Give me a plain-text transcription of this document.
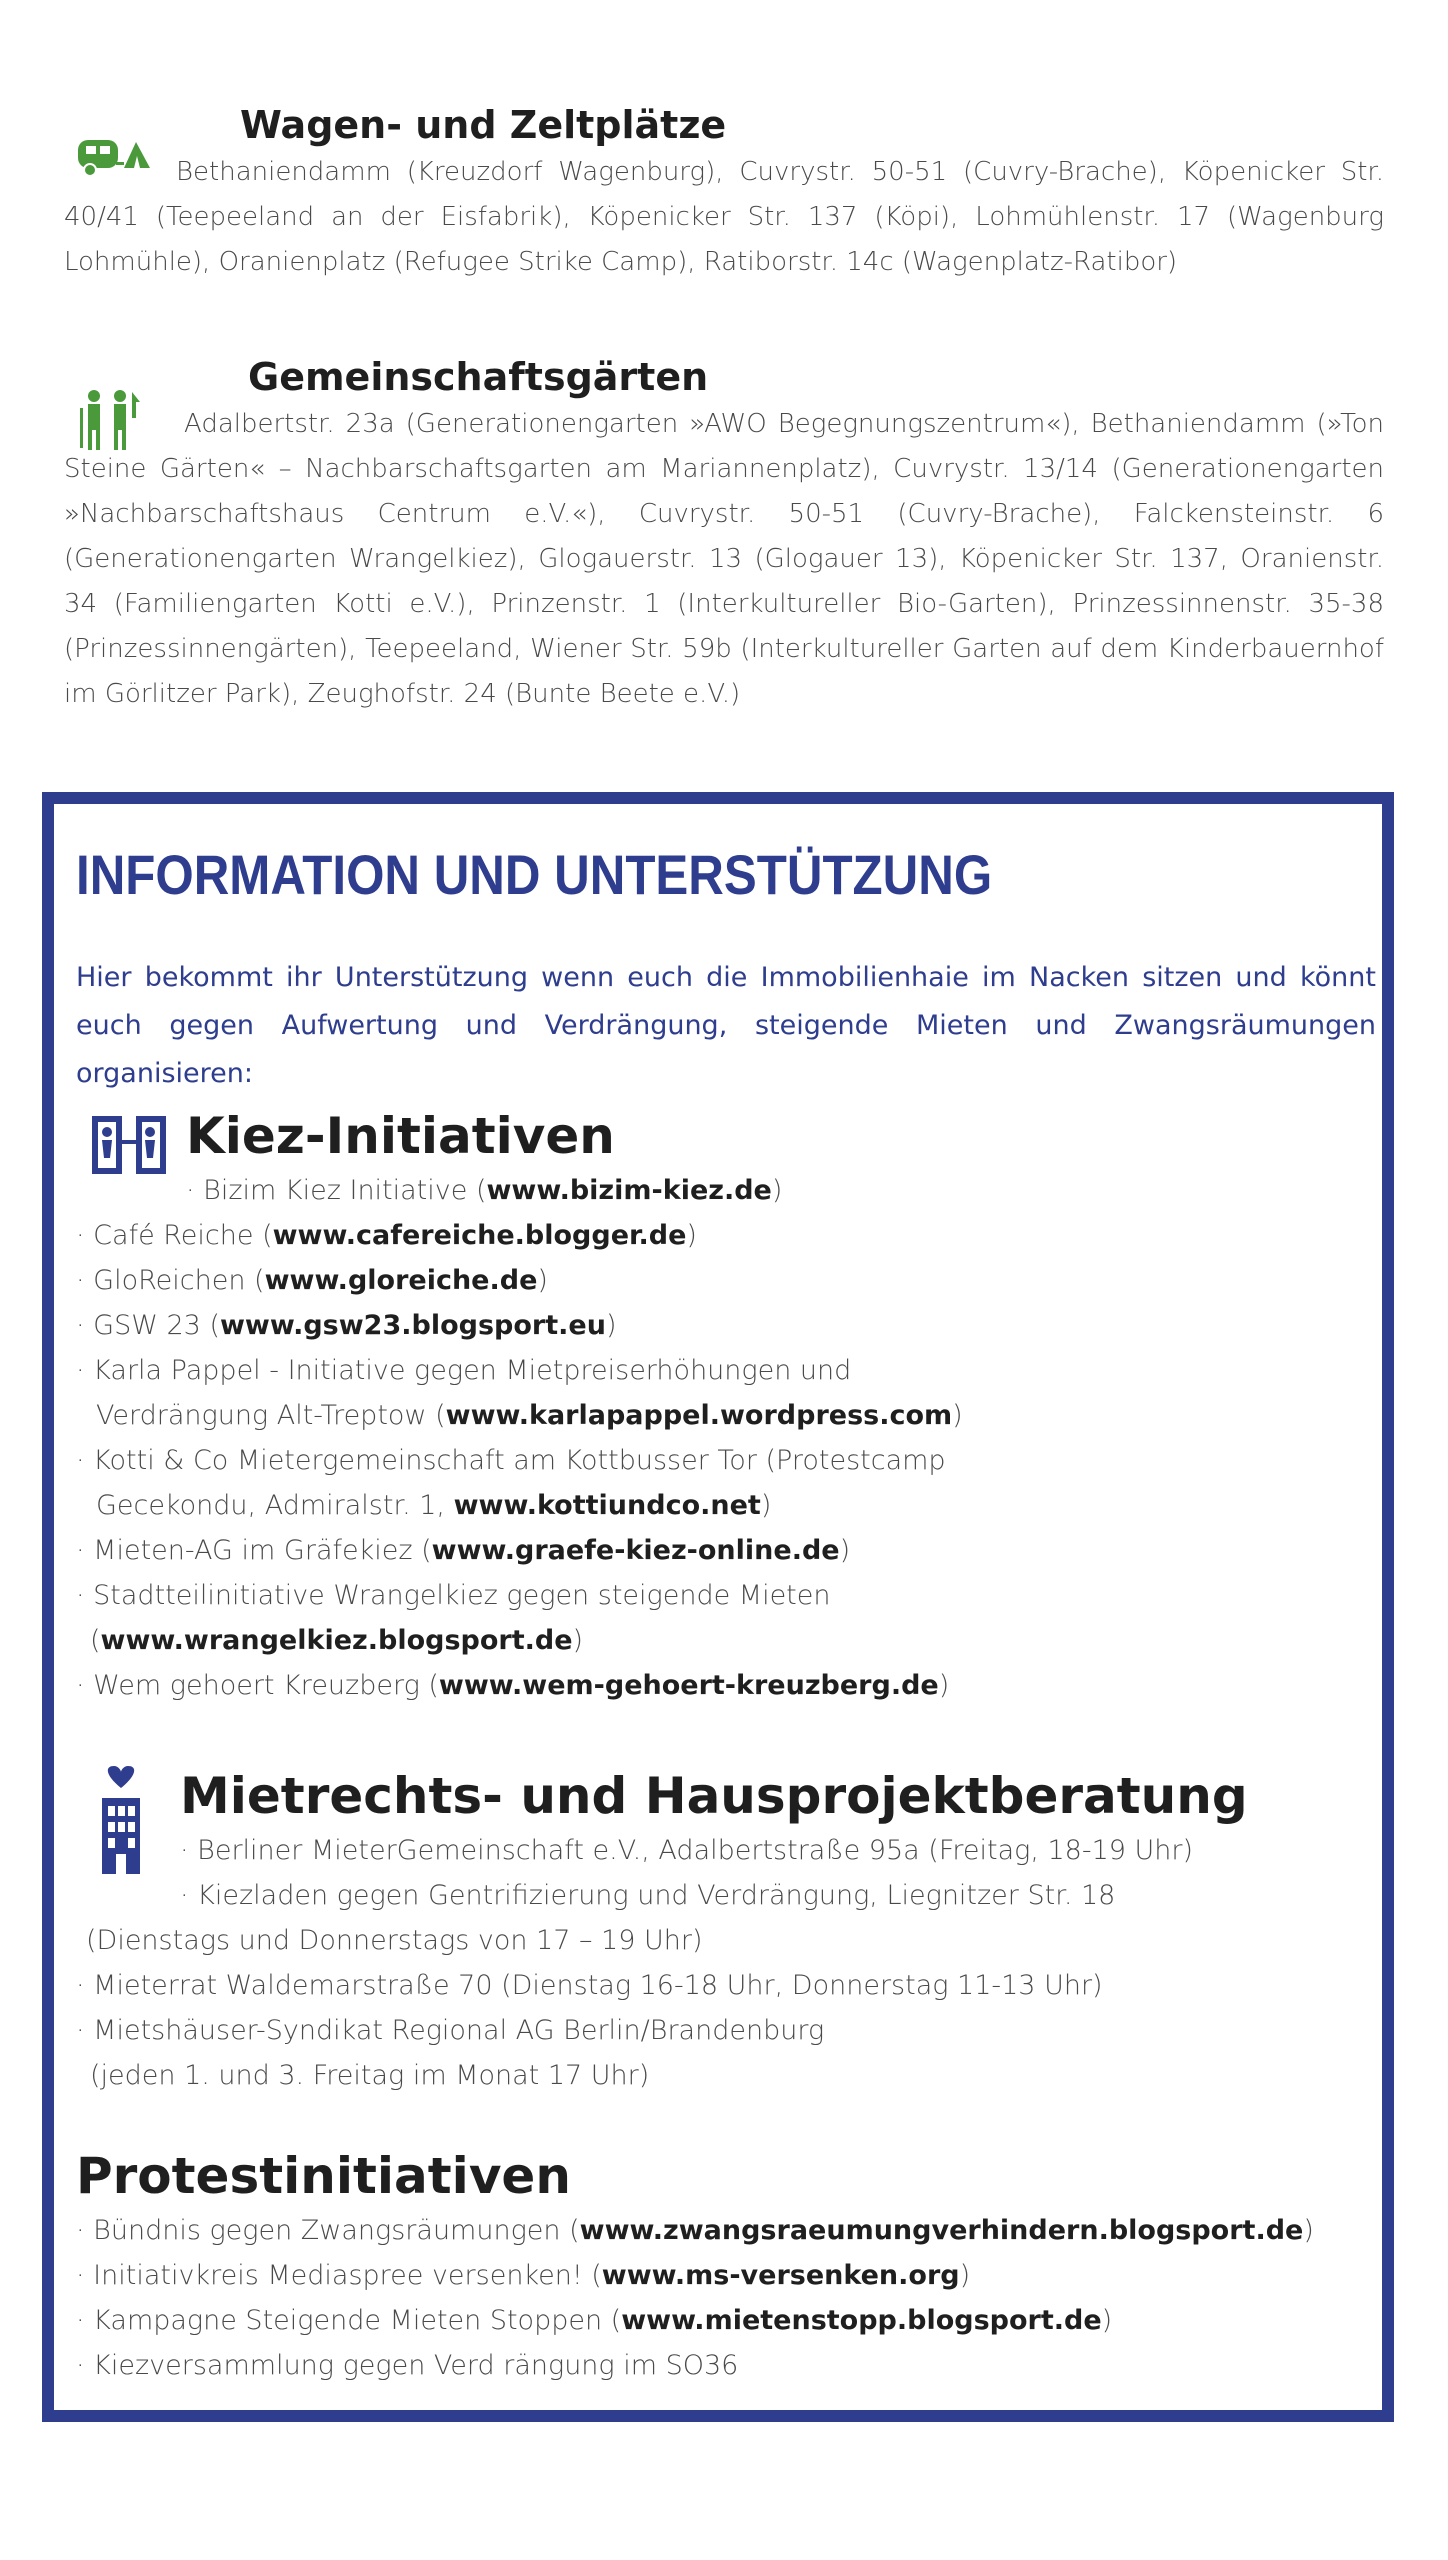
Wagen- und Zeltplätze
Bethaniendamm (Kreuzdorf Wagenburg), Cuvrystr. 50-51 (Cuvry-Brache), Köpenicker Str. 40/41 (Teepeeland an der Eisfabrik), Köpenicker Str. 137 (Köpi), Lohmühlenstr. 17 (Wagenburg Lohmühle), Oranienplatz (Refugee Strike Camp), Ratiborstr. 14c (Wagenplatz-Ratibor)
Gemeinschaftsgärten
Adalbertstr. 23a (Generationengarten »AWO Begegnungszentrum«), Bethaniendamm (»Ton Steine Gärten« – Nachbarschaftsgarten am Mariannenplatz), Cuvrystr. 13/14 (Generationengarten »Nachbarschaftshaus Centrum e.V.«), Cuvrystr. 50-51 (Cuvry-Brache), Falckensteinstr. 6 (Generationengarten Wrangelkiez), Glogauerstr. 13 (Glogauer 13), Köpenicker Str. 137, Oranienstr. 34 (Familiengarten Kotti e.V.), Prinzenstr. 1 (Interkultureller Bio-Garten), Prinzessinnenstr. 35-38 (Prinzessinnengärten), Teepeeland, Wiener Str. 59b (Interkultureller Garten auf dem Kinderbauernhof im Görlitzer Park), Zeughofstr. 24 (Bunte Beete e.V.)
INFORMATION UND UNTERSTÜTZUNG
Hier bekommt ihr Unterstützung wenn euch die Immobilienhaie im Nacken sitzen und könnt euch gegen Aufwertung und Verdrängung, steigende Mieten und Zwangsräumungen organisieren:
Kiez-Initiativen
· Bizim Kiez Initiative (www.bizim-kiez.de)
· Café Reiche (www.cafereiche.blogger.de)
· GloReichen (www.gloreiche.de)
· GSW 23 (www.gsw23.blogsport.eu)
· Karla Pappel - Initiative gegen Mietpreiserhöhungen und
Verdrängung Alt-Treptow (www.karlapappel.wordpress.com)
· Kotti & Co Mietergemeinschaft am Kottbusser Tor (Protestcamp
Gecekondu, Admiralstr. 1, www.kottiundco.net)
· Mieten-AG im Gräfekiez (www.graefe-kiez-online.de)
· Stadtteilinitiative Wrangelkiez gegen steigende Mieten
(www.wrangelkiez.blogsport.de)
· Wem gehoert Kreuzberg (www.wem-gehoert-kreuzberg.de)
Mietrechts- und Hausprojektberatung
· Berliner MieterGemeinschaft e.V., Adalbertstraße 95a (Freitag, 18-19 Uhr)
· Kiezladen gegen Gentrifizierung und Verdrängung, Liegnitzer Str. 18
(Dienstags und Donnerstags von 17 – 19 Uhr)
· Mieterrat Waldemarstraße 70 (Dienstag 16-18 Uhr, Donnerstag 11-13 Uhr)
· Mietshäuser-Syndikat Regional AG Berlin/Brandenburg
(jeden 1. und 3. Freitag im Monat 17 Uhr)
Protestinitiativen
· Bündnis gegen Zwangsräumungen (www.zwangsraeumungverhindern.blogsport.de)
· Initiativkreis Mediaspree versenken! (www.ms-versenken.org)
· Kampagne Steigende Mieten Stoppen (www.mietenstopp.blogsport.de)
· Kiezversammlung gegen Verd rängung im SO36
